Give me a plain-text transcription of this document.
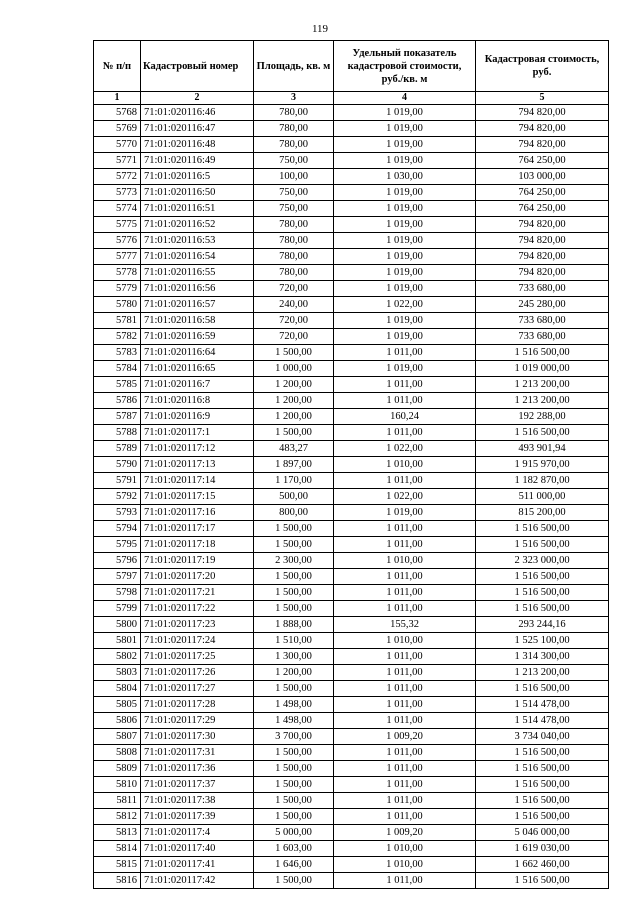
119
№ п/п	Кадастровый номер	Площадь, кв. м	Удельный показатель кадастровой стоимости, руб./кв. м	Кадастровая стоимость, руб.
1	2	3	4	5
5768	71:01:020116:46	780,00	1 019,00	794 820,00
5769	71:01:020116:47	780,00	1 019,00	794 820,00
5770	71:01:020116:48	780,00	1 019,00	794 820,00
5771	71:01:020116:49	750,00	1 019,00	764 250,00
5772	71:01:020116:5	100,00	1 030,00	103 000,00
5773	71:01:020116:50	750,00	1 019,00	764 250,00
5774	71:01:020116:51	750,00	1 019,00	764 250,00
5775	71:01:020116:52	780,00	1 019,00	794 820,00
5776	71:01:020116:53	780,00	1 019,00	794 820,00
5777	71:01:020116:54	780,00	1 019,00	794 820,00
5778	71:01:020116:55	780,00	1 019,00	794 820,00
5779	71:01:020116:56	720,00	1 019,00	733 680,00
5780	71:01:020116:57	240,00	1 022,00	245 280,00
5781	71:01:020116:58	720,00	1 019,00	733 680,00
5782	71:01:020116:59	720,00	1 019,00	733 680,00
5783	71:01:020116:64	1 500,00	1 011,00	1 516 500,00
5784	71:01:020116:65	1 000,00	1 019,00	1 019 000,00
5785	71:01:020116:7	1 200,00	1 011,00	1 213 200,00
5786	71:01:020116:8	1 200,00	1 011,00	1 213 200,00
5787	71:01:020116:9	1 200,00	160,24	192 288,00
5788	71:01:020117:1	1 500,00	1 011,00	1 516 500,00
5789	71:01:020117:12	483,27	1 022,00	493 901,94
5790	71:01:020117:13	1 897,00	1 010,00	1 915 970,00
5791	71:01:020117:14	1 170,00	1 011,00	1 182 870,00
5792	71:01:020117:15	500,00	1 022,00	511 000,00
5793	71:01:020117:16	800,00	1 019,00	815 200,00
5794	71:01:020117:17	1 500,00	1 011,00	1 516 500,00
5795	71:01:020117:18	1 500,00	1 011,00	1 516 500,00
5796	71:01:020117:19	2 300,00	1 010,00	2 323 000,00
5797	71:01:020117:20	1 500,00	1 011,00	1 516 500,00
5798	71:01:020117:21	1 500,00	1 011,00	1 516 500,00
5799	71:01:020117:22	1 500,00	1 011,00	1 516 500,00
5800	71:01:020117:23	1 888,00	155,32	293 244,16
5801	71:01:020117:24	1 510,00	1 010,00	1 525 100,00
5802	71:01:020117:25	1 300,00	1 011,00	1 314 300,00
5803	71:01:020117:26	1 200,00	1 011,00	1 213 200,00
5804	71:01:020117:27	1 500,00	1 011,00	1 516 500,00
5805	71:01:020117:28	1 498,00	1 011,00	1 514 478,00
5806	71:01:020117:29	1 498,00	1 011,00	1 514 478,00
5807	71:01:020117:30	3 700,00	1 009,20	3 734 040,00
5808	71:01:020117:31	1 500,00	1 011,00	1 516 500,00
5809	71:01:020117:36	1 500,00	1 011,00	1 516 500,00
5810	71:01:020117:37	1 500,00	1 011,00	1 516 500,00
5811	71:01:020117:38	1 500,00	1 011,00	1 516 500,00
5812	71:01:020117:39	1 500,00	1 011,00	1 516 500,00
5813	71:01:020117:4	5 000,00	1 009,20	5 046 000,00
5814	71:01:020117:40	1 603,00	1 010,00	1 619 030,00
5815	71:01:020117:41	1 646,00	1 010,00	1 662 460,00
5816	71:01:020117:42	1 500,00	1 011,00	1 516 500,00
